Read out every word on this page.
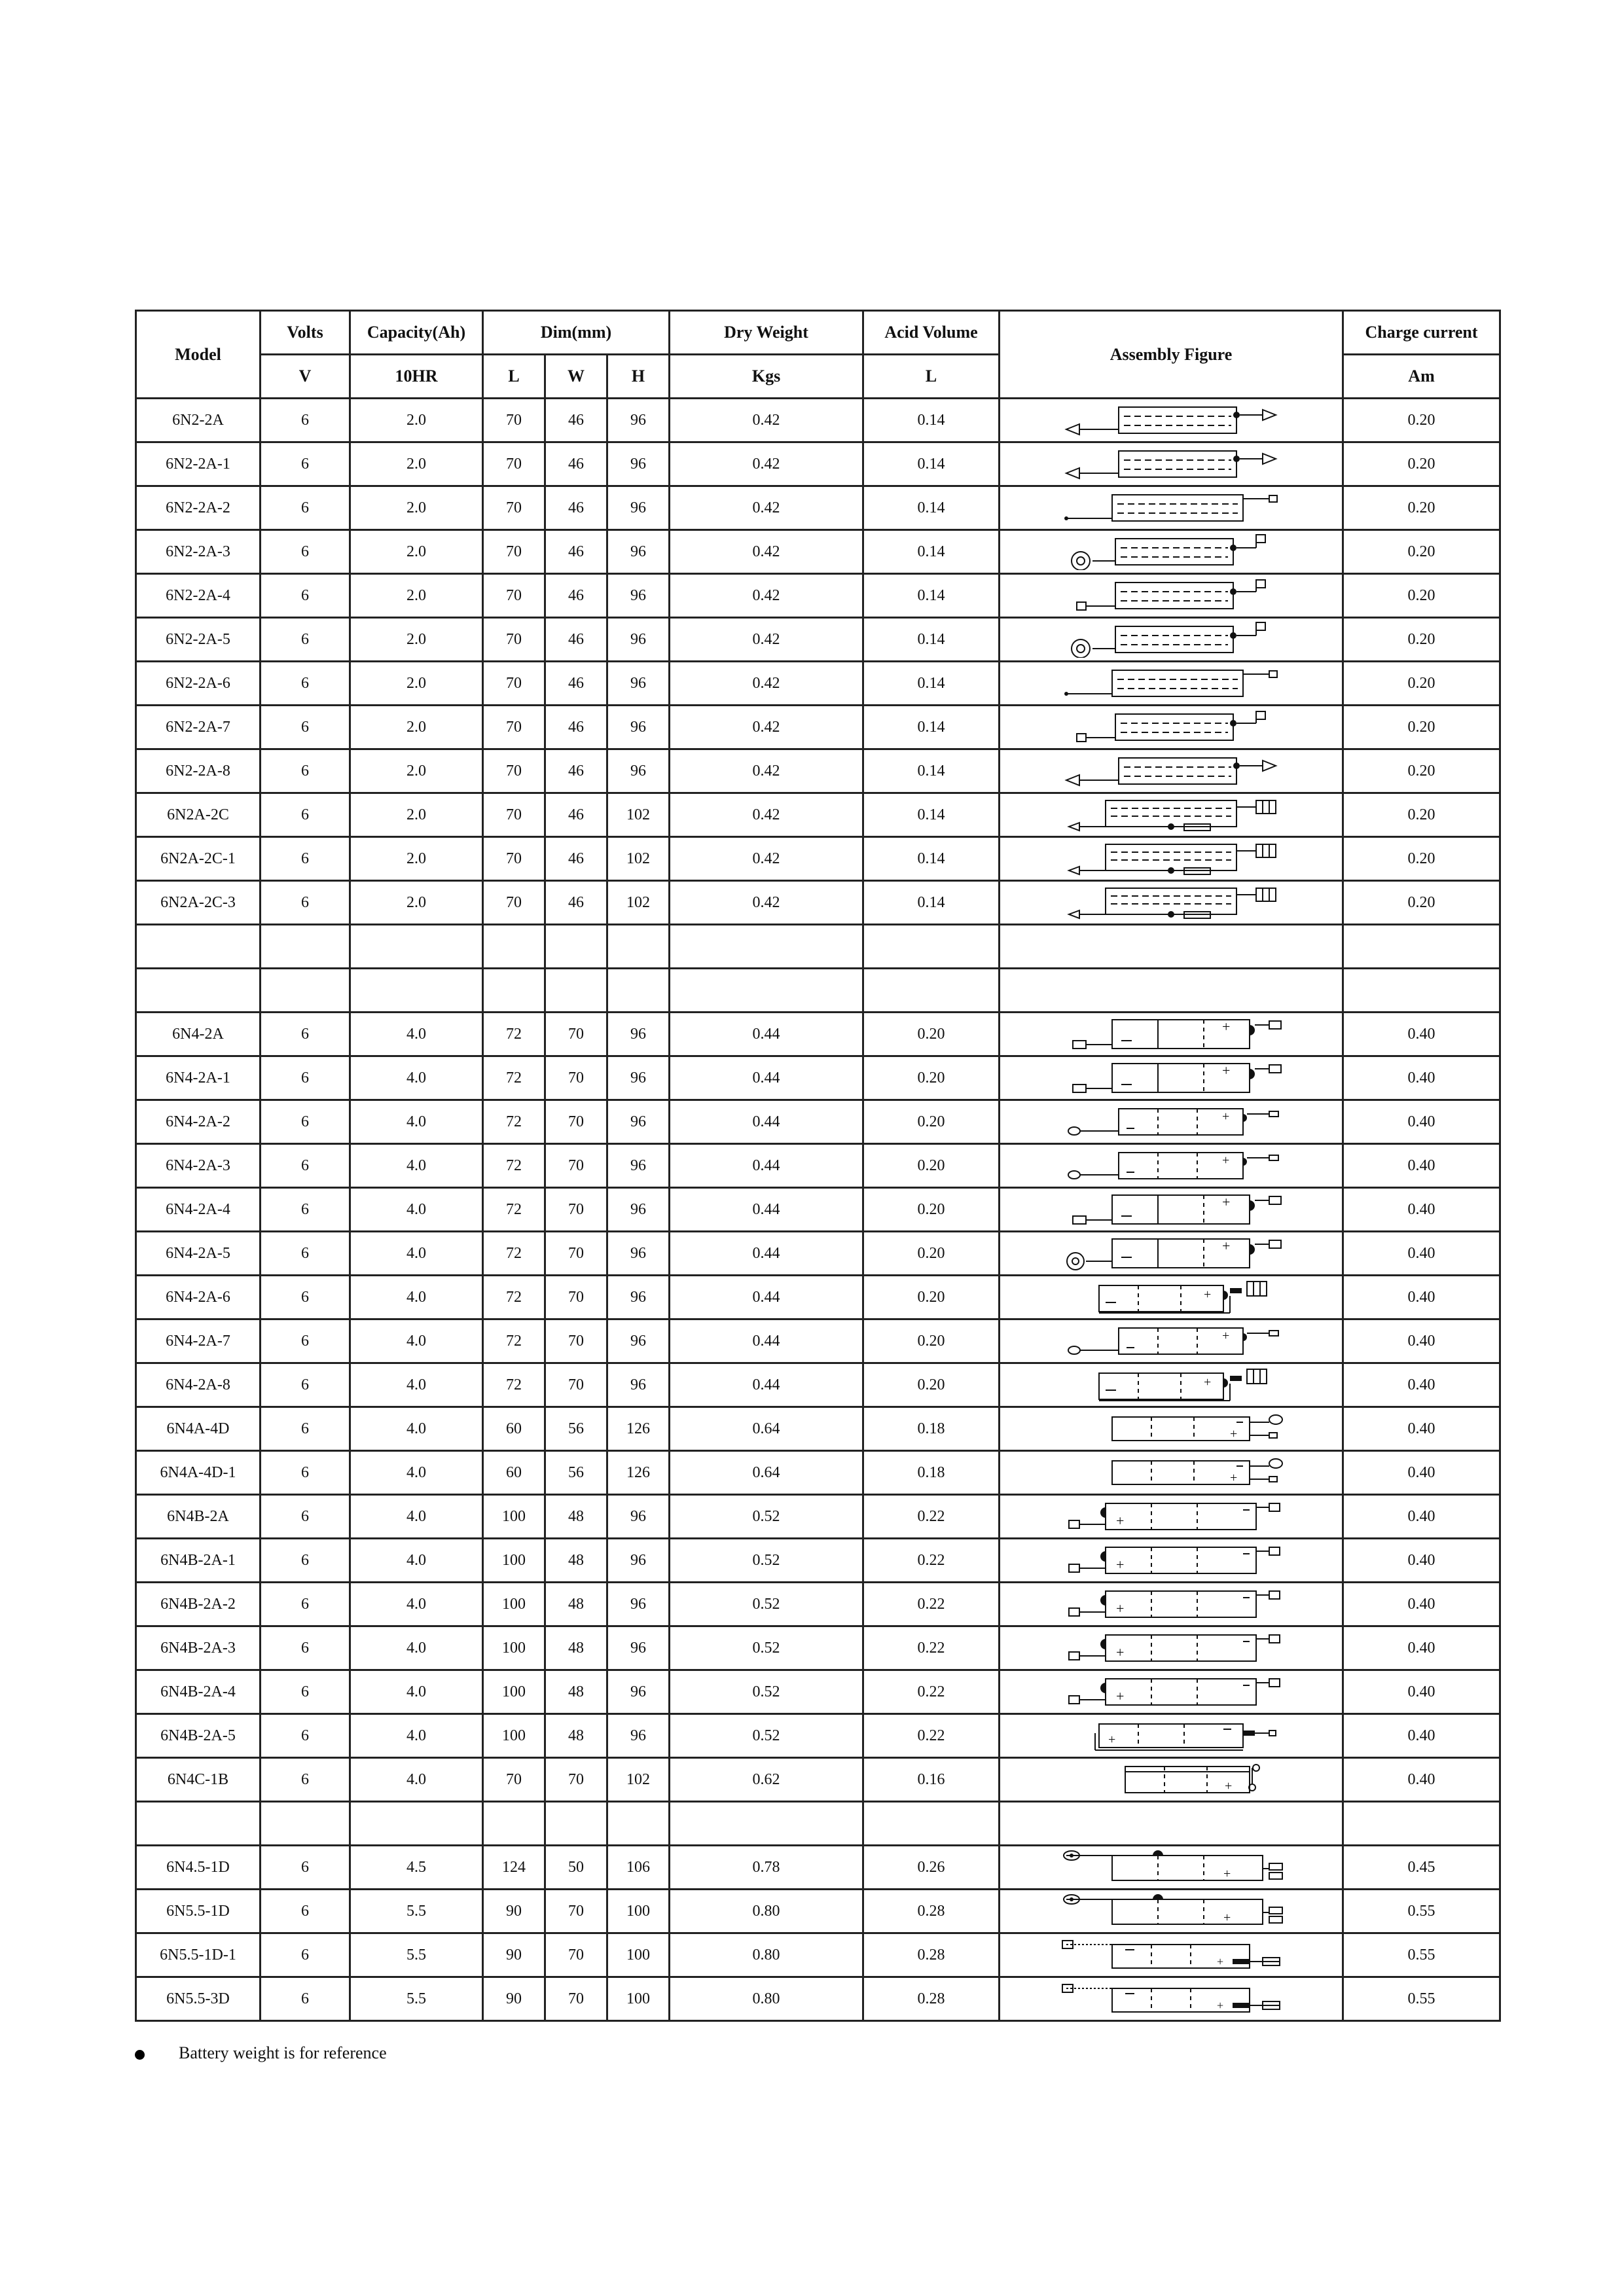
Model	Volts	Capacity(Ah)	Dim(mm)			Dry Weight	Acid Volume	Assembly Figure	Charge current
	V	10HR	L	W	H	Kgs	L		Am
6N2-2A	6	2.0	70	46	96	0.42	0.14		0.20
6N2-2A-1	6	2.0	70	46	96	0.42	0.14		0.20
6N2-2A-2	6	2.0	70	46	96	0.42	0.14		0.20
6N2-2A-3	6	2.0	70	46	96	0.42	0.14		0.20
6N2-2A-4	6	2.0	70	46	96	0.42	0.14		0.20
6N2-2A-5	6	2.0	70	46	96	0.42	0.14		0.20
6N2-2A-6	6	2.0	70	46	96	0.42	0.14		0.20
6N2-2A-7	6	2.0	70	46	96	0.42	0.14		0.20
6N2-2A-8	6	2.0	70	46	96	0.42	0.14		0.20
6N2A-2C	6	2.0	70	46	102	0.42	0.14		0.20
6N2A-2C-1	6	2.0	70	46	102	0.42	0.14		0.20
6N2A-2C-3	6	2.0	70	46	102	0.42	0.14		0.20

6N4-2A	6	4.0	72	70	96	0.44	0.20		0.40
6N4-2A-1	6	4.0	72	70	96	0.44	0.20		0.40
6N4-2A-2	6	4.0	72	70	96	0.44	0.20		0.40
6N4-2A-3	6	4.0	72	70	96	0.44	0.20		0.40
6N4-2A-4	6	4.0	72	70	96	0.44	0.20		0.40
6N4-2A-5	6	4.0	72	70	96	0.44	0.20		0.40
6N4-2A-6	6	4.0	72	70	96	0.44	0.20		0.40
6N4-2A-7	6	4.0	72	70	96	0.44	0.20		0.40
6N4-2A-8	6	4.0	72	70	96	0.44	0.20		0.40
6N4A-4D	6	4.0	60	56	126	0.64	0.18		0.40
6N4A-4D-1	6	4.0	60	56	126	0.64	0.18		0.40
6N4B-2A	6	4.0	100	48	96	0.52	0.22		0.40
6N4B-2A-1	6	4.0	100	48	96	0.52	0.22		0.40
6N4B-2A-2	6	4.0	100	48	96	0.52	0.22		0.40
6N4B-2A-3	6	4.0	100	48	96	0.52	0.22		0.40
6N4B-2A-4	6	4.0	100	48	96	0.52	0.22		0.40
6N4B-2A-5	6	4.0	100	48	96	0.52	0.22		0.40
6N4C-1B	6	4.0	70	70	102	0.62	0.16		0.40

6N4.5-1D	6	4.5	124	50	106	0.78	0.26		0.45
6N5.5-1D	6	5.5	90	70	100	0.80	0.28		0.55
6N5.5-1D-1	6	5.5	90	70	100	0.80	0.28		0.55
6N5.5-3D	6	5.5	90	70	100	0.80	0.28		0.55
Battery weight is for reference
